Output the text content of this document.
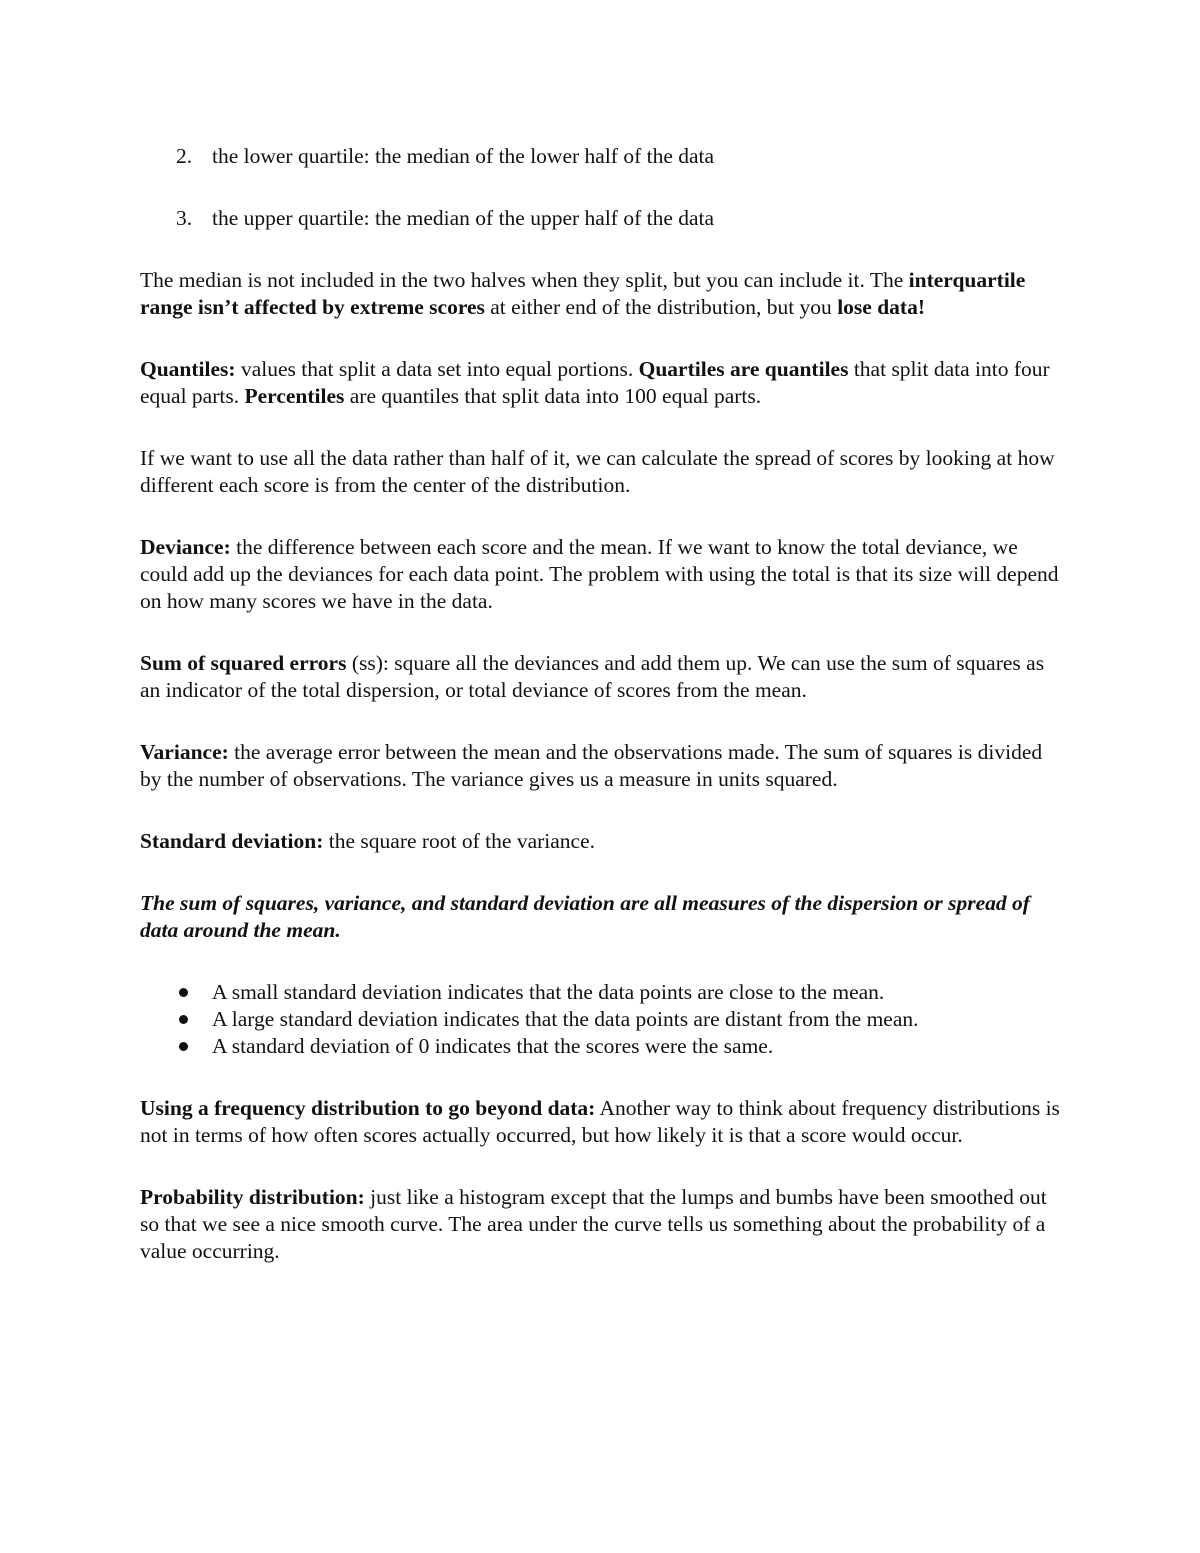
2. the lower quartile: the median of the lower half of the data
3. the upper quartile: the median of the upper half of the data

The median is not included in the two halves when they split, but you can include it. The interquartile range isn’t affected by extreme scores at either end of the distribution, but you lose data!

Quantiles: values that split a data set into equal portions. Quartiles are quantiles that split data into four equal parts. Percentiles are quantiles that split data into 100 equal parts.

If we want to use all the data rather than half of it, we can calculate the spread of scores by looking at how different each score is from the center of the distribution.

Deviance: the difference between each score and the mean. If we want to know the total deviance, we could add up the deviances for each data point. The problem with using the total is that its size will depend on how many scores we have in the data.

Sum of squared errors (ss): square all the deviances and add them up. We can use the sum of squares as an indicator of the total dispersion, or total deviance of scores from the mean.

Variance: the average error between the mean and the observations made. The sum of squares is divided by the number of observations. The variance gives us a measure in units squared.

Standard deviation: the square root of the variance.

The sum of squares, variance, and standard deviation are all measures of the dispersion or spread of data around the mean.

A small standard deviation indicates that the data points are close to the mean.
A large standard deviation indicates that the data points are distant from the mean.
A standard deviation of 0 indicates that the scores were the same.

Using a frequency distribution to go beyond data: Another way to think about frequency distributions is not in terms of how often scores actually occurred, but how likely it is that a score would occur.

Probability distribution: just like a histogram except that the lumps and bumbs have been smoothed out so that we see a nice smooth curve. The area under the curve tells us something about the probability of a value occurring.
